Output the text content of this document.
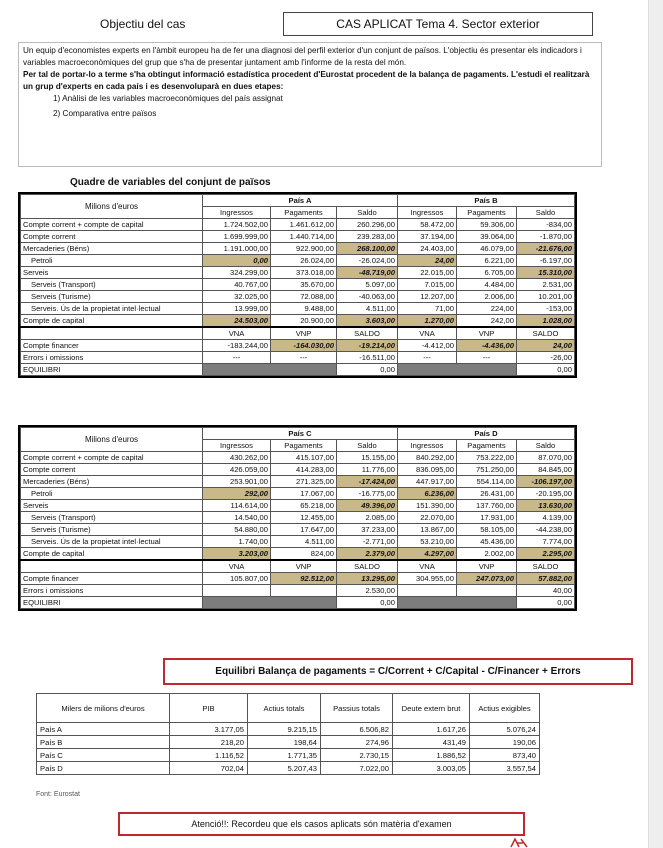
Objectiu del cas	CAS APLICAT Tema 4. Sector exterior

Un equip d'economistes experts en l'àmbit europeu ha de fer una diagnosi del perfil exterior d'un conjunt de països. L'objectiu és presentar els indicadors i variables macroeconòmiques del grup que s'ha de presentar juntament amb l'informe de la resta del món.

Per tal de portar-lo a terme s'ha obtingut informació estadística procedent d'Eurostat procedent de la balança de pagaments. L'estudi el realitzarà un grup d'experts en cada país i es desenvoluparà en dues etapes:

1) Anàlisi de les variables macroeconòmiques del país assignat
2) Comparativa entre països
Quadre de variables del conjunt de països
Milions d'euros	País A			País B		
	Ingressos	Pagaments	Saldo	Ingressos	Pagaments	Saldo
Compte corrent + compte de capital	1.724.502,00	1.461.612,00	260.296,00	58.472,00	59.306,00	-834,00
Compte corrent	1.699.999,00	1.440.714,00	239.283,00	37.194,00	39.064,00	-1.870,00
Mercaderies (Béns)	1.191.000,00	922.900,00	268.100,00	24.403,00	46.079,00	-21.676,00
Petroli	0,00	26.024,00	-26.024,00	24,00	6.221,00	-6.197,00
Serveis	324.299,00	373.018,00	-48.719,00	22.015,00	6.705,00	15.310,00
Serveis (Transport)	40.767,00	35.670,00	5.097,00	7.015,00	4.484,00	2.531,00
Serveis (Turisme)	32.025,00	72.088,00	-40.063,00	12.207,00	2.006,00	10.201,00
Serveis. Ús de la propietat intel·lectual	13.999,00	9.488,00	4.511,00	71,00	224,00	-153,00
Compte de capital	24.503,00	20.900,00	3.603,00	1.270,00	242,00	1.028,00
	VNA	VNP	SALDO	VNA	VNP	SALDO
Compte financer	-183.244,00	-164.030,00	-19.214,00	-4.412,00	-4.436,00	24,00
Errors i omissions	---	---	-16.511,00	---	---	-26,00
EQUILIBRI			0,00			0,00
Milions d'euros	País C			País D		
	Ingressos	Pagaments	Saldo	Ingressos	Pagaments	Saldo
Compte corrent + compte de capital	430.262,00	415.107,00	15.155,00	840.292,00	753.222,00	87.070,00
Compte corrent	426.059,00	414.283,00	11.776,00	836.095,00	751.250,00	84.845,00
Mercaderies (Béns)	253.901,00	271.325,00	-17.424,00	447.917,00	554.114,00	-106.197,00
Petroli	292,00	17.067,00	-16.775,00	6.236,00	26.431,00	-20.195,00
Serveis	114.614,00	65.218,00	49.396,00	151.390,00	137.760,00	13.630,00
Serveis (Transport)	14.540,00	12.455,00	2.085,00	22.070,00	17.931,00	4.139,00
Serveis (Turisme)	54.880,00	17.647,00	37.233,00	13.867,00	58.105,00	-44.238,00
Serveis. Ús de la propietat intel·lectual	1.740,00	4.511,00	-2.771,00	53.210,00	45.436,00	7.774,00
Compte de capital	3.203,00	824,00	2.379,00	4.297,00	2.002,00	2.295,00
	VNA	VNP	SALDO	VNA	VNP	SALDO
Compte financer	105.807,00	92.512,00	13.295,00	304.955,00	247.073,00	57.882,00
Errors i omissions			2.530,00			40,00
EQUILIBRI			0,00			0,00
Equilibri Balança de pagaments = C/Corrent + C/Capital - C/Financer + Errors
Milers de milions d'euros	PIB	Actius totals	Passius totals	Deute extern brut	Actius exigibles
País A	3.177,05	9.215,15	6.506,82	1.617,26	5.076,24
País B	218,20	198,64	274,96	431,49	190,06
País C	1.116,52	1.771,35	2.730,15	1.886,52	873,40
País D	702,04	5.207,43	7.022,00	3.003,05	3.557,54
Font: Eurostat
Atenció!!: Recordeu que els casos aplicats són matèria d'examen
